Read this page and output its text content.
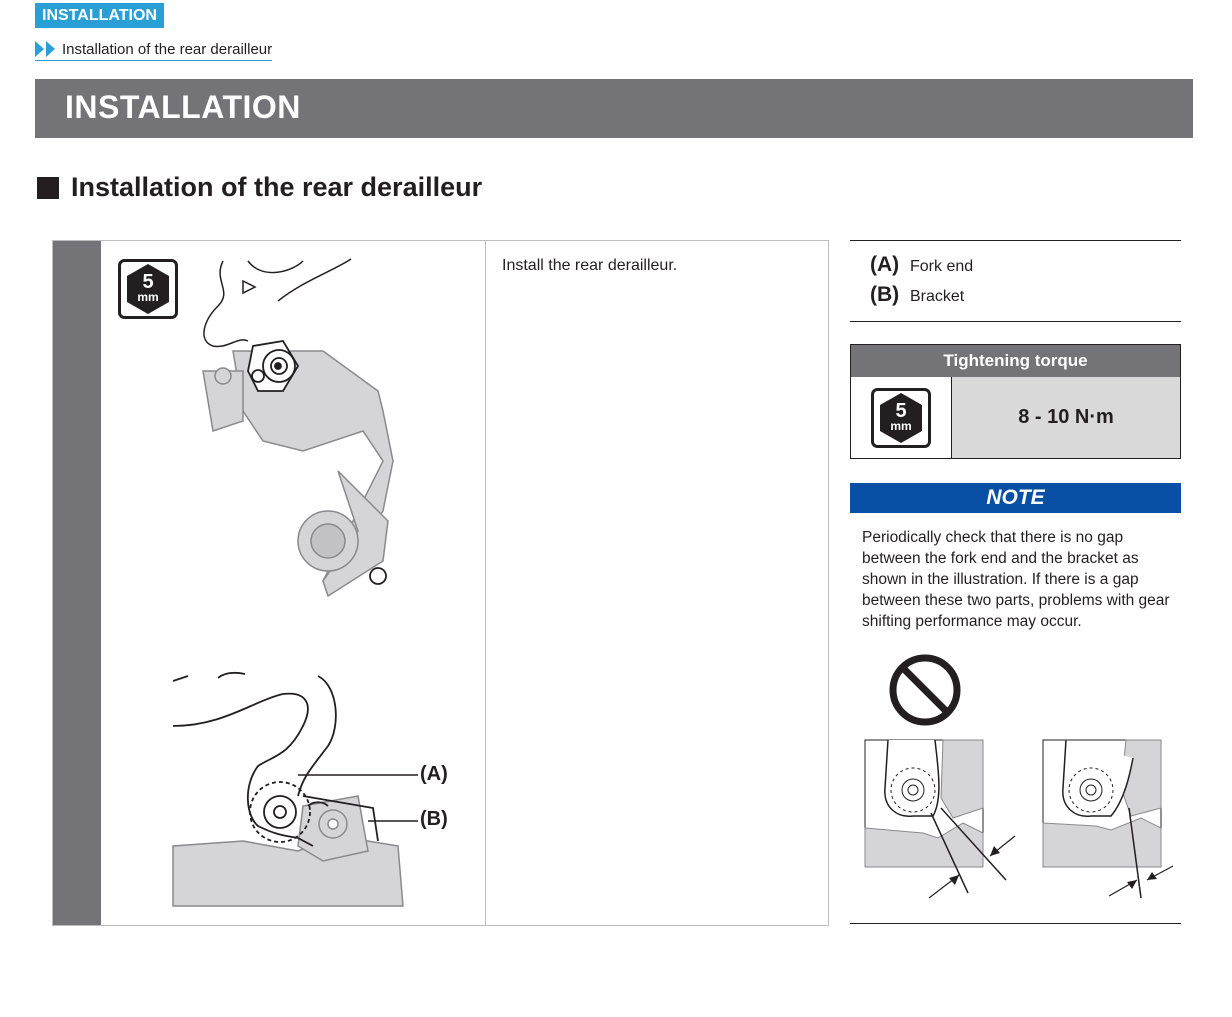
INSTALLATION
Installation of the rear derailleur
INSTALLATION
Installation of the rear derailleur
5
mm
(A)
(B)
Install the rear derailleur.	(A) Fork end
(B) Bracket
Tightening torque
5
mm	8 - 10 N·m
NOTE
Periodically check that there is no gap between the fork end and the bracket as shown in the illustration. If there is a gap between these two parts, problems with gear shifting performance may occur.
